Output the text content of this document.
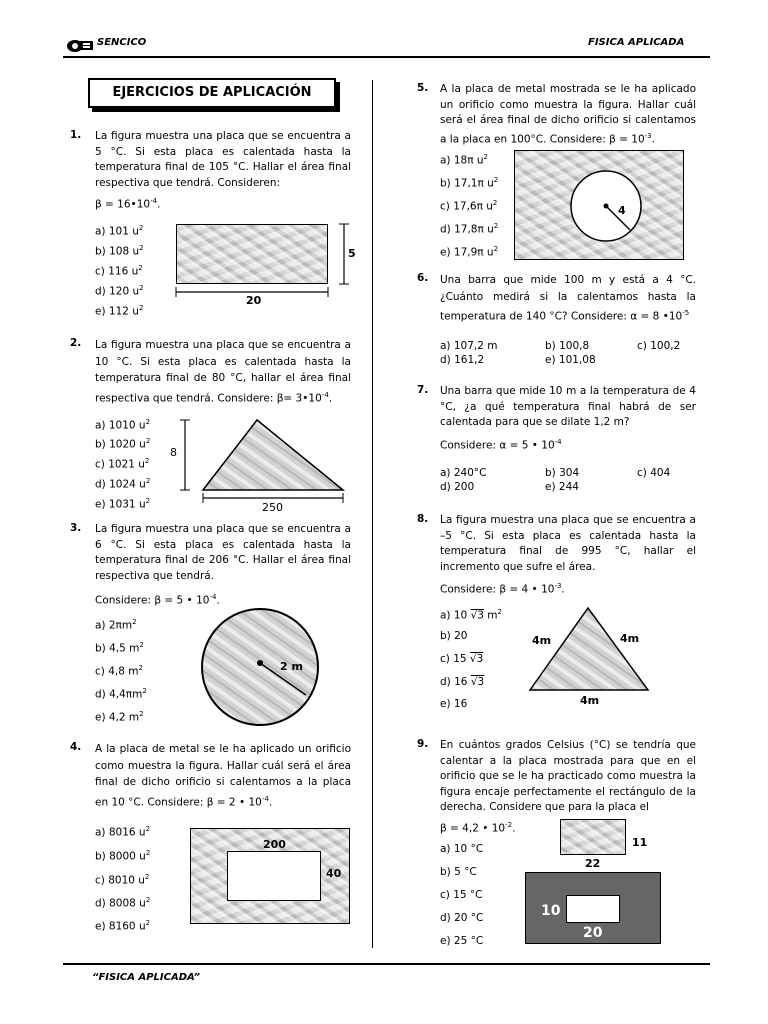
SENCICO	FISICA APLICADA
EJERCICIOS DE APLICACIÓN
1. La figura muestra una placa que se encuentra a 5 °C. Si esta placa es calentada hasta la temperatura final de 105 °C. Hallar el área final respectiva que tendrá. Consideren:
$\beta = 16•10^{-4}$.
a) 101 $u^2$
b) 108 $u^2$
c) 116 $u^2$
d) 120 $u^2$
e) 112 $u^2$
20
5
2. La figura muestra una placa que se encuentra a 10 °C. Si esta placa es calentada hasta la temperatura final de 80 °C, hallar el área final respectiva que tendrá. Considere: $\beta= 3•10^{-4}$.
a) 1010 $u^2$
b) 1020 $u^2$
c) 1021 $u^2$
d) 1024 $u^2$
e) 1031 $u^2$
8
250
3. La figura muestra una placa que se encuentra a 6 °C. Si esta placa es calentada hasta la temperatura final de 206 °C. Hallar el área final respectiva que tendrá.
Considere: β = 5 • $10^{-4}$.
a) $2\pi m^2$
b) 4,5 $m^2$
c) 4,8 $m^2$
d) $4,4\pi m^2$
e) 4,2 $m^2$
2 m
4. A la placa de metal se le ha aplicado un orificio como muestra la figura. Hallar cuál será el área final de dicho orificio si calentamos a la placa en 10 °C. Considere: β = 2 • $10^{-4}$.
a) 8016 $u^2$
b) 8000 $u^2$
c) 8010 $u^2$
d) 8008 $u^2$
e) 8160 $u^2$
200
40
5. A la placa de metal mostrada se le ha aplicado un orificio como muestra la figura. Hallar cuál será el área final de dicho orificio si calentamos a la placa en 100°C. Considere: $\beta = 10^{-3}$.
a) 18π $u^2$
b) 17,1π $u^2$
c) 17,6π $u^2$
d) 17,8π $u^2$
e) 17,9π $u^2$
4
6. Una barra que mide 100 m y está a 4 °C. ¿Cuánto medirá si la calentamos hasta la temperatura de 140 °C? Considere: α = 8 $•10^{-5}$
a) 107,2 m	b) 100,8	c) 100,2
d) 161,2	e) 101,08
7. Una barra que mide 10 m a la temperatura de 4 °C, ¿a qué temperatura final habrá de ser calentada para que se dilate 1,2 m?
Considere: α = 5 • $10^{-4}$
a) 240°C	b) 304	c) 404
d) 200	e) 244
8. La figura muestra una placa que se encuentra a –5 °C. Si esta placa es calentada hasta la temperatura final de 995 °C, hallar el incremento que sufre el área.
Considere: β = 4 • $10^{-3}$.
a) 10 √3 $m^2$
b) 20
c) 15 √3
d) 16 √3
e) 16
4m	4m
4m
9. En cuántos grados Celsius (°C) se tendría que calentar a la placa mostrada para que en el orificio que se le ha practicado como muestra la figura encaje perfectamente el rectángulo de la derecha. Considere que para la placa el
β = 4,2 • $10^{-2}$.
a) 10 °C
b) 5 °C
c) 15 °C
d) 20 °C
e) 25 °C
11
22
10
20
“FISICA APLICADA”
